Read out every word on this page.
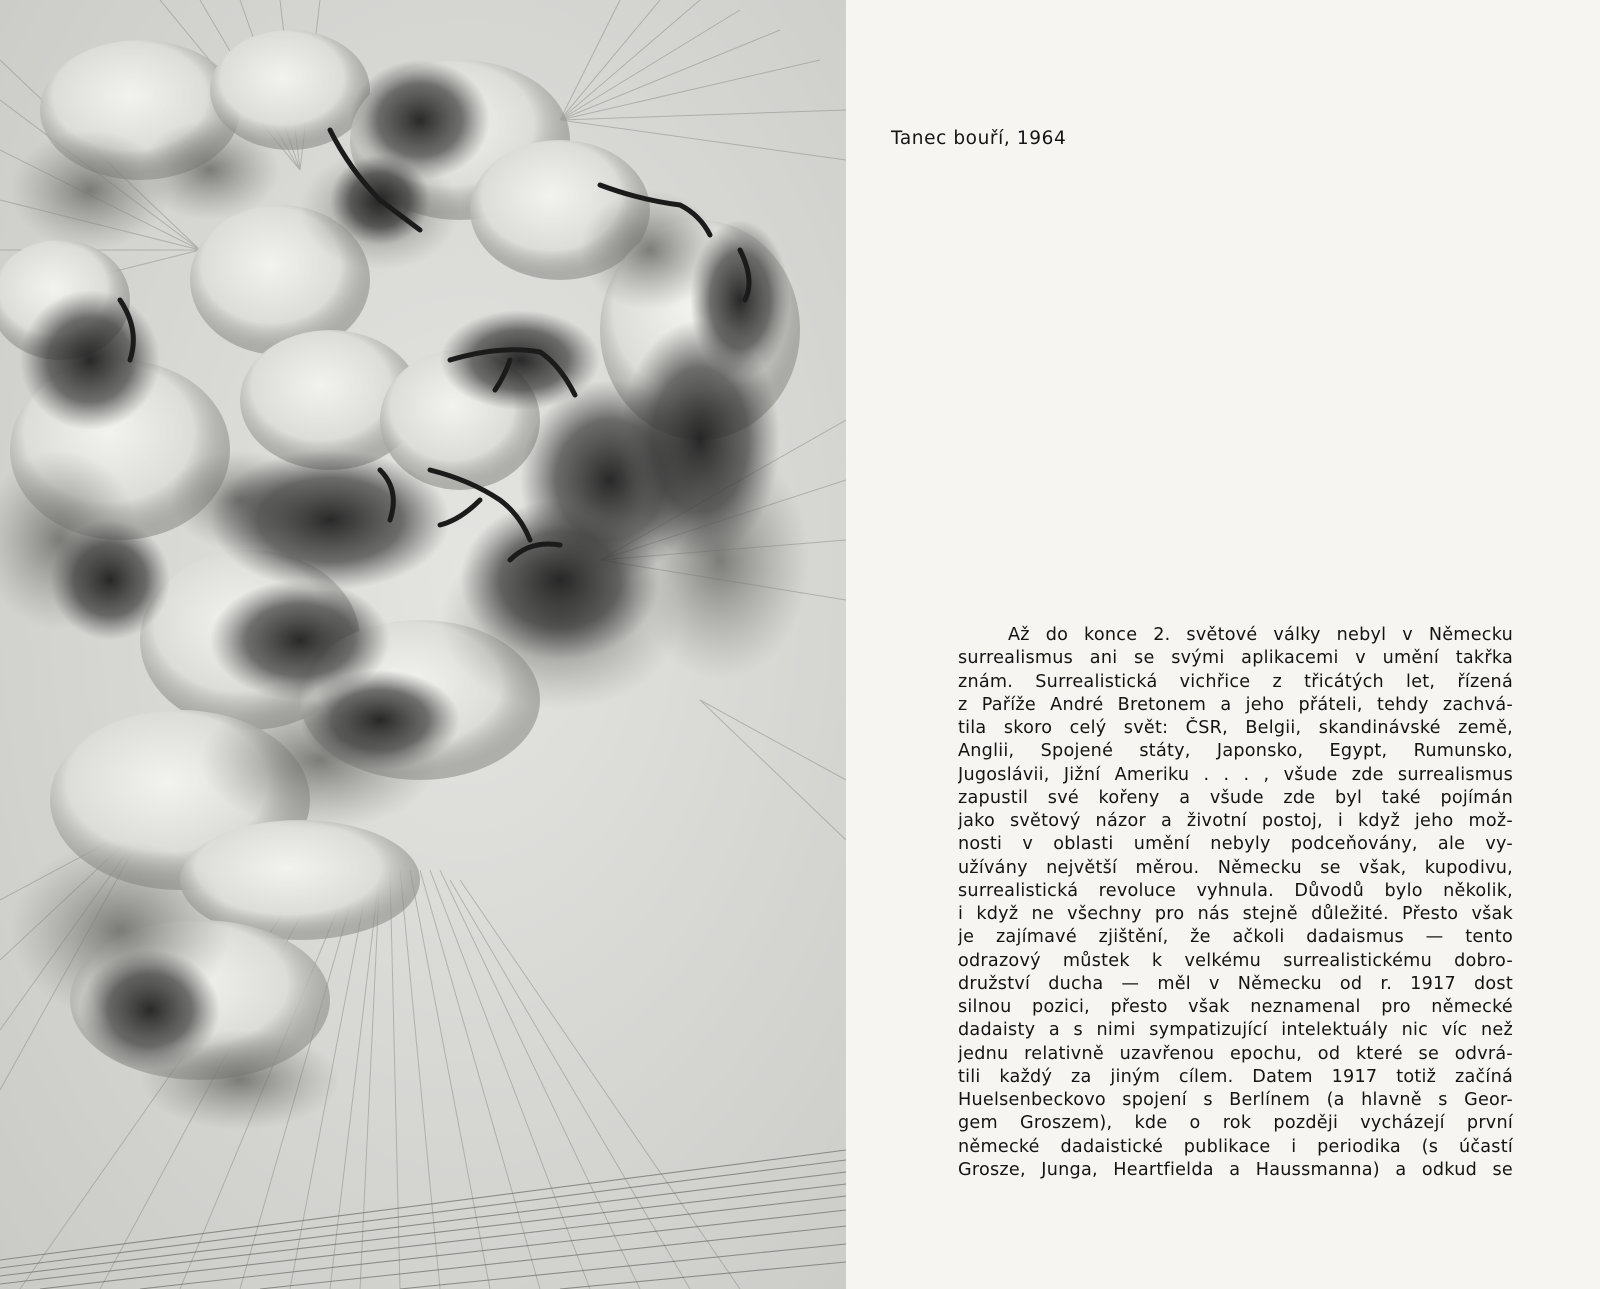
Tanec bouří, 1964
Až do konce 2. světové války nebyl v Německu
surrealismus ani se svými aplikacemi v umění takřka
znám. Surrealistická vichřice z třicátých let, řízená
z Paříže André Bretonem a jeho přáteli, tehdy zachvá-
tila skoro celý svět: ČSR, Belgii, skandinávské země,
Anglii, Spojené státy, Japonsko, Egypt, Rumunsko,
Jugoslávii, Jižní Ameriku . . . , všude zde surrealismus
zapustil své kořeny a všude zde byl také pojímán
jako světový názor a životní postoj, i když jeho mož-
nosti v oblasti umění nebyly podceňovány, ale vy-
užívány největší měrou. Německu se však, kupodivu,
surrealistická revoluce vyhnula. Důvodů bylo několik,
i když ne všechny pro nás stejně důležité. Přesto však
je zajímavé zjištění, že ačkoli dadaismus — tento
odrazový můstek k velkému surrealistickému dobro-
družství ducha — měl v Německu od r. 1917 dost
silnou pozici, přesto však neznamenal pro německé
dadaisty a s nimi sympatizující intelektuály nic víc než
jednu relativně uzavřenou epochu, od které se odvrá-
tili každý za jiným cílem. Datem 1917 totiž začíná
Huelsenbeckovo spojení s Berlínem (a hlavně s Geor-
gem Groszem), kde o rok později vycházejí první
německé dadaistické publikace i periodika (s účastí
Grosze, Junga, Heartfielda a Haussmanna) a odkud se
